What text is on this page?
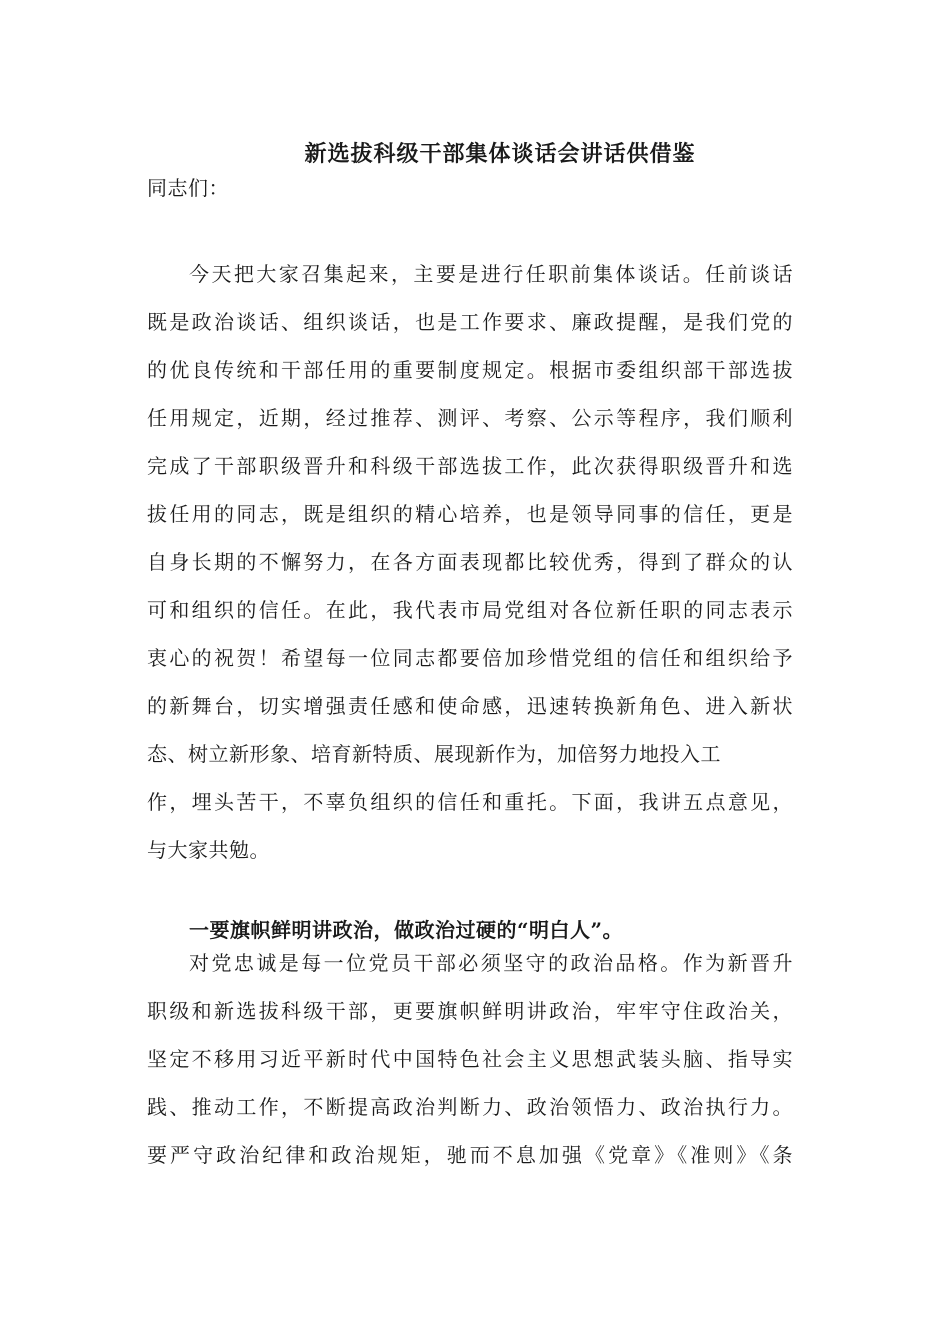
新选拔科级干部集体谈话会讲话供借鉴
同志们：
今天把大家召集起来，主要是进行任职前集体谈话。任前谈话
既是政治谈话、组织谈话，也是工作要求、廉政提醒，是我们党的
的优良传统和干部任用的重要制度规定。根据市委组织部干部选拔
任用规定，近期，经过推荐、测评、考察、公示等程序，我们顺利
完成了干部职级晋升和科级干部选拔工作，此次获得职级晋升和选
拔任用的同志，既是组织的精心培养，也是领导同事的信任，更是
自身长期的不懈努力，在各方面表现都比较优秀，得到了群众的认
可和组织的信任。在此，我代表市局党组对各位新任职的同志表示
衷心的祝贺！希望每一位同志都要倍加珍惜党组的信任和组织给予
的新舞台，切实增强责任感和使命感，迅速转换新角色、进入新状
态、树立新形象、培育新特质、展现新作为，加倍努力地投入工
作，埋头苦干，不辜负组织的信任和重托。下面，我讲五点意见，
与大家共勉。
一要旗帜鲜明讲政治，做政治过硬的“明白人”。
对党忠诚是每一位党员干部必须坚守的政治品格。作为新晋升
职级和新选拔科级干部，更要旗帜鲜明讲政治，牢牢守住政治关，
坚定不移用习近平新时代中国特色社会主义思想武装头脑、指导实
践、推动工作，不断提高政治判断力、政治领悟力、政治执行力。
要严守政治纪律和政治规矩，驰而不息加强《党章》《准则》《条
